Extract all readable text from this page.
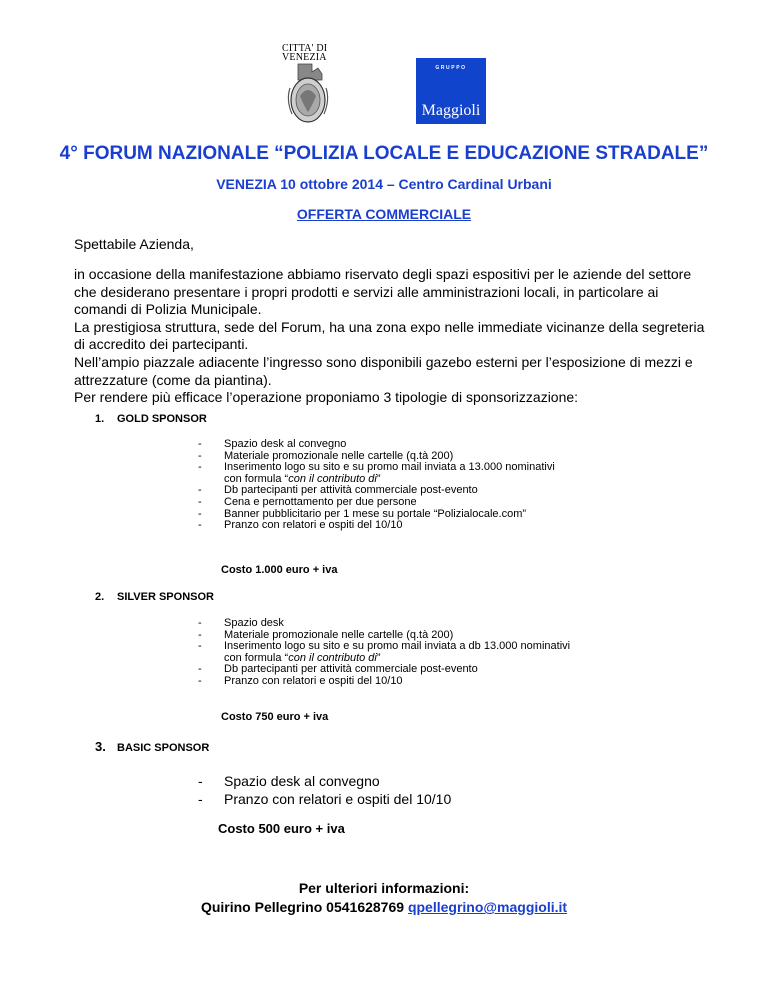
CITTA' DI
VENEZIA
GRUPPO
Maggioli
4° FORUM NAZIONALE “POLIZIA LOCALE E EDUCAZIONE STRADALE”
VENEZIA 10 ottobre 2014 – Centro Cardinal Urbani
OFFERTA COMMERCIALE
Spettabile Azienda,

in occasione della manifestazione abbiamo riservato degli spazi espositivi per le aziende del settore che desiderano presentare i propri prodotti e servizi alle amministrazioni locali, in particolare ai comandi di Polizia Municipale.

La prestigiosa struttura, sede del Forum, ha una zona expo nelle immediate vicinanze della segreteria di accredito dei partecipanti.

Nell’ampio piazzale adiacente l’ingresso sono disponibili gazebo esterni per l’esposizione di mezzi e attrezzature (come da piantina).

Per rendere più efficace l’operazione proponiamo 3 tipologie di sponsorizzazione:

1. GOLD SPONSOR
- Spazio desk al convegno
- Materiale promozionale nelle cartelle (q.tà 200)
- Inserimento logo su sito e su promo mail inviata a 13.000 nominativi
con formula “con il contributo di”
- Db partecipanti per attività commerciale post-evento
- Cena e pernottamento per due persone
- Banner pubblicitario per 1 mese su portale “Polizialocale.com”
- Pranzo con relatori e ospiti del 10/10
Costo 1.000 euro + iva
2. SILVER SPONSOR
- Spazio desk
- Materiale promozionale nelle cartelle (q.tà 200)
- Inserimento logo su sito e su promo mail inviata a db 13.000 nominativi
con formula “con il contributo di”
- Db partecipanti per attività commerciale post-evento
- Pranzo con relatori e ospiti del 10/10
Costo 750 euro + iva
3. BASIC SPONSOR
- Spazio desk al convegno
- Pranzo con relatori e ospiti del 10/10
Costo 500 euro + iva
Per ulteriori informazioni:
Quirino Pellegrino 0541628769 qpellegrino@maggioli.it
